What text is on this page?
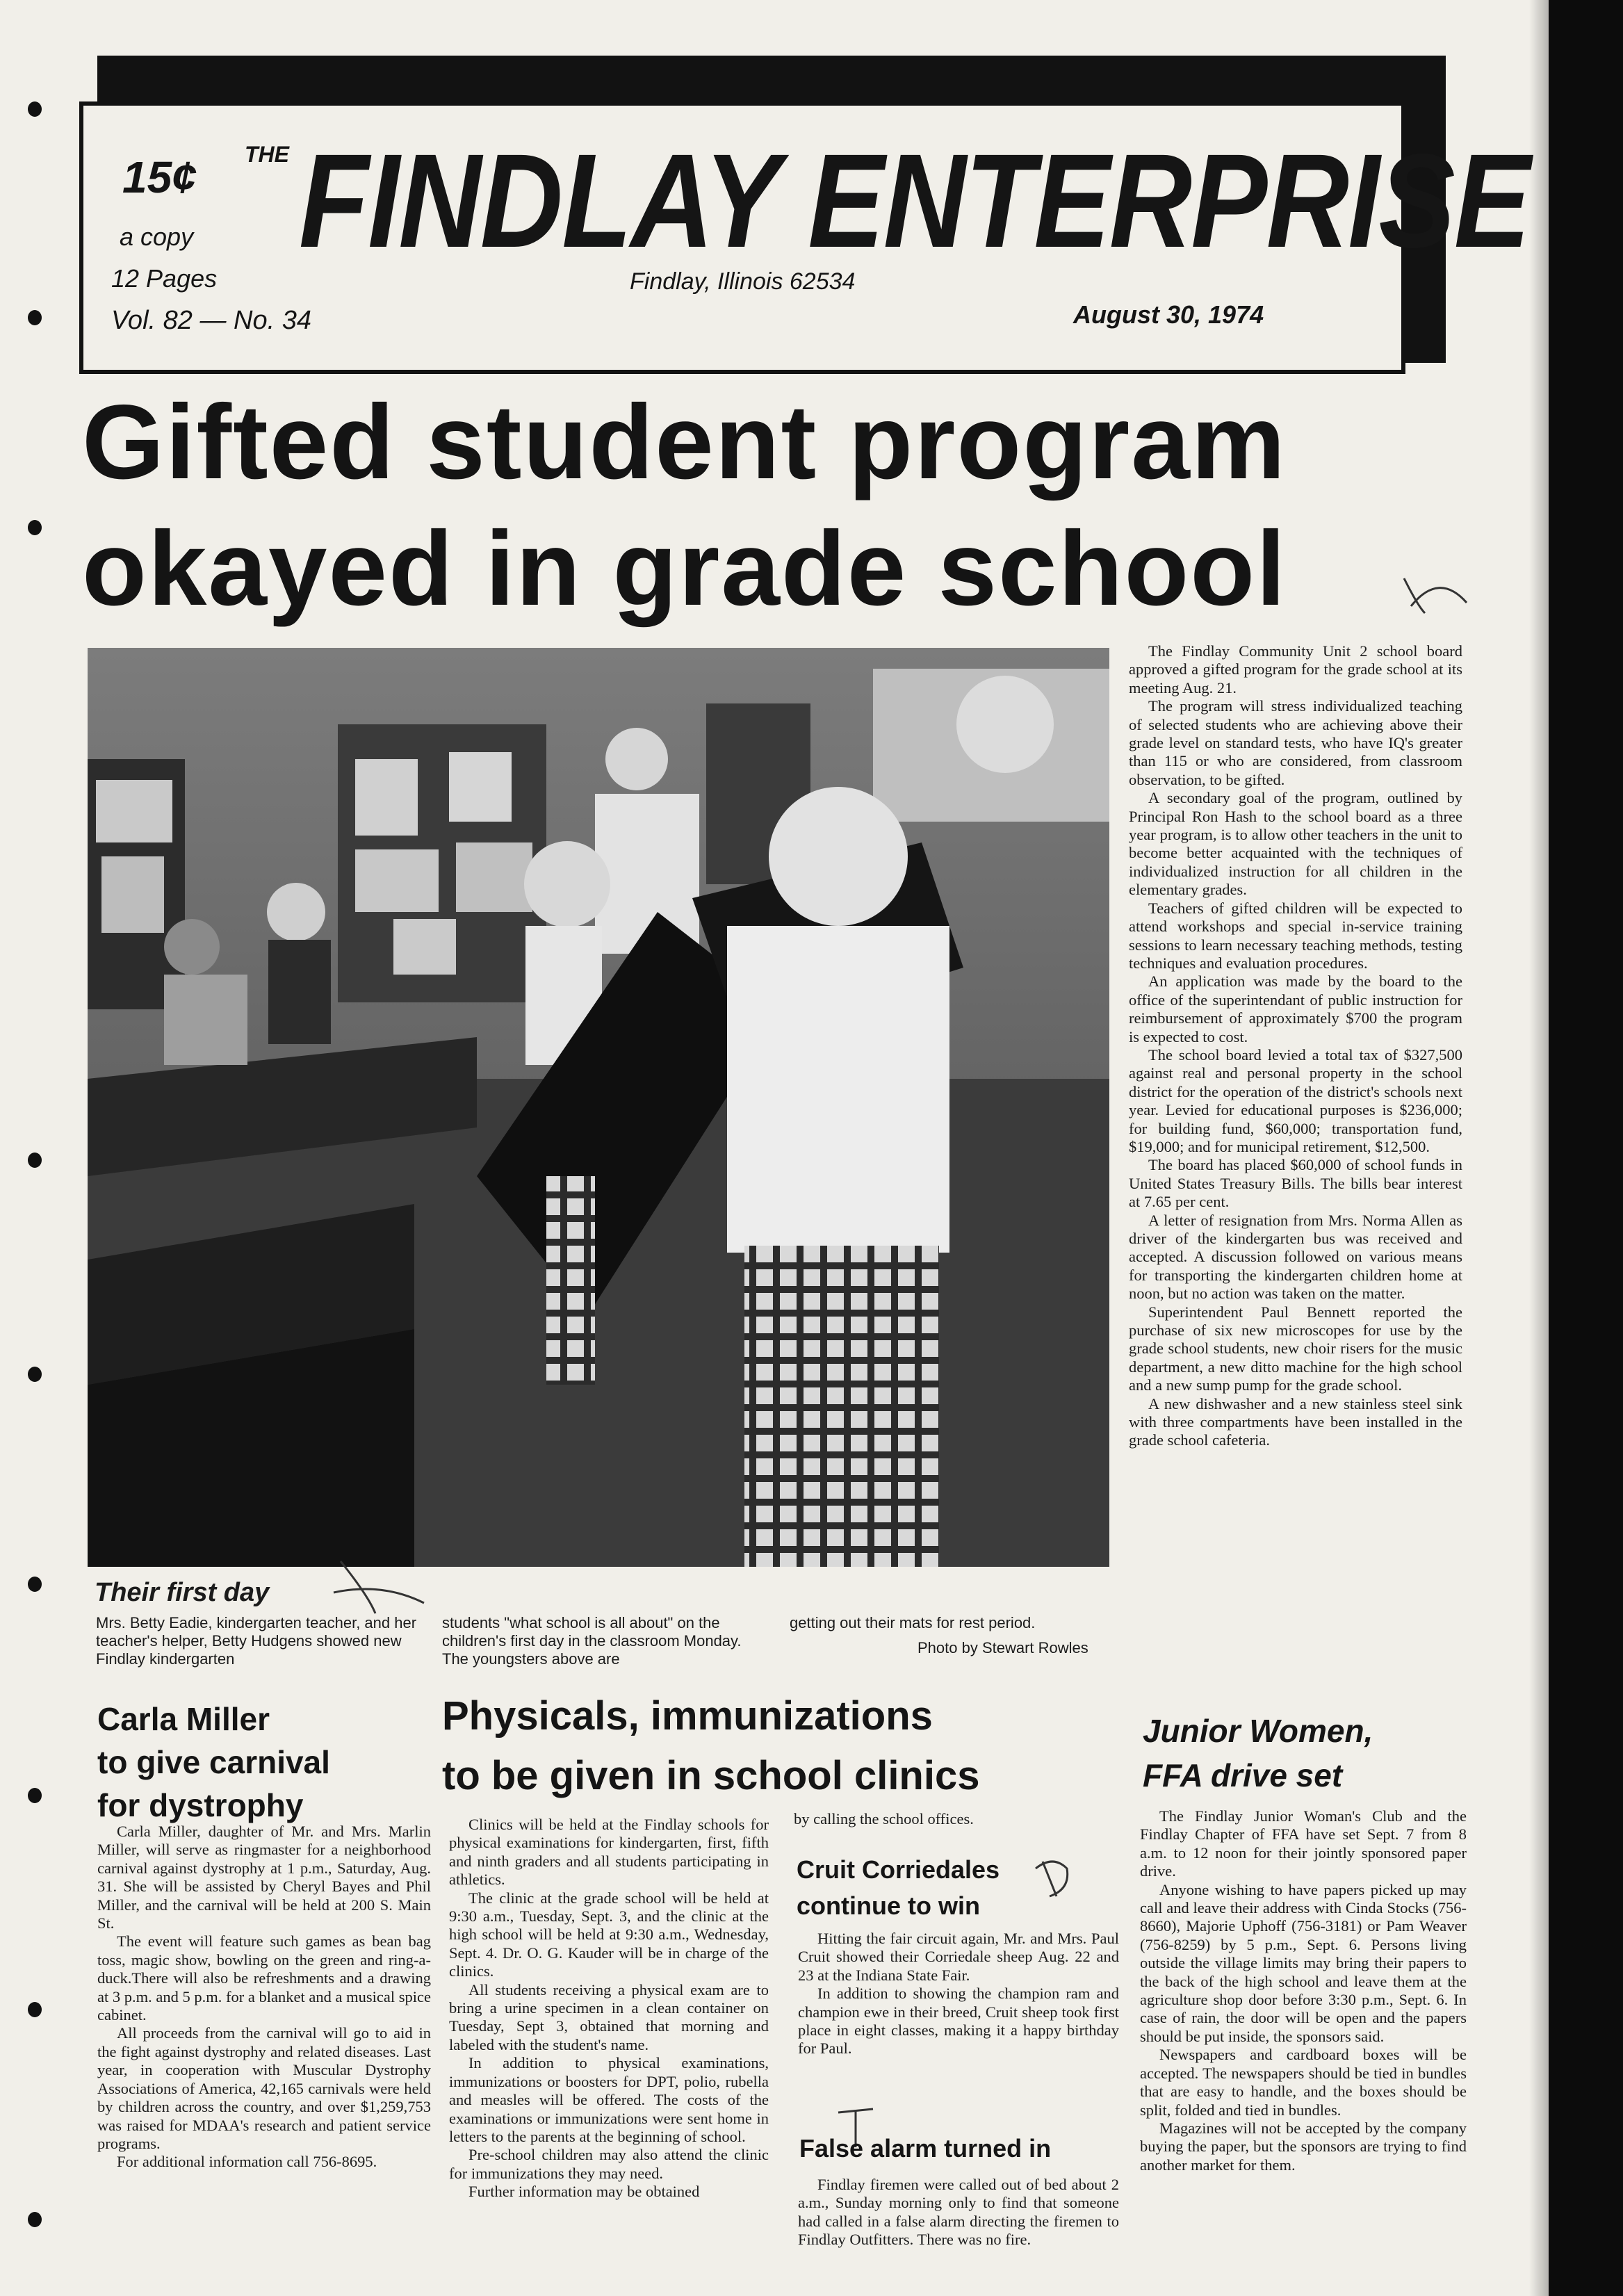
15¢ THE FINDLAY ENTERPRISE
a copy
12 Pages
Vol. 82 — No. 34
Findlay, Illinois 62534
August 30, 1974
Gifted student program
okayed in grade school
Their first day
Mrs. Betty Eadie, kindergarten teacher, and her teacher's helper, Betty Hudgens showed new Findlay kindergarten
students "what school is all about" on the children's first day in the classroom Monday. The youngsters above are
getting out their mats for rest period.
Photo by Stewart Rowles

The Findlay Community Unit 2 school board approved a gifted program for the grade school at its meeting Aug. 21.

The program will stress individualized teaching of selected students who are achieving above their grade level on standard tests, who have IQ's greater than 115 or who are considered, from classroom observation, to be gifted.

A secondary goal of the program, outlined by Principal Ron Hash to the school board as a three year program, is to allow other teachers in the unit to become better acquainted with the techniques of individualized instruction for all children in the elementary grades.

Teachers of gifted children will be expected to attend workshops and special in-service training sessions to learn necessary teaching methods, testing techniques and evaluation procedures.

An application was made by the board to the office of the superintendant of public instruction for reimbursement of approximately $700 the program is expected to cost.

The school board levied a total tax of $327,500 against real and personal property in the school district for the operation of the district's schools next year. Levied for educational purposes is $236,000; for building fund, $60,000; transportation fund, $19,000; and for municipal retirement, $12,500.

The board has placed $60,000 of school funds in United States Treasury Bills. The bills bear interest at 7.65 per cent.

A letter of resignation from Mrs. Norma Allen as driver of the kindergarten bus was received and accepted. A discussion followed on various means for transporting the kindergarten children home at noon, but no action was taken on the matter.

Superintendent Paul Bennett reported the purchase of six new microscopes for use by the grade school students, new choir risers for the music department, a new ditto machine for the high school and a new sump pump for the grade school.

A new dishwasher and a new stainless steel sink with three compartments have been installed in the grade school cafeteria.

Carla Miller
to give carnival
for dystrophy

Carla Miller, daughter of Mr. and Mrs. Marlin Miller, will serve as ringmaster for a neighborhood carnival against dystrophy at 1 p.m., Saturday, Aug. 31. She will be assisted by Cheryl Bayes and Phil Miller, and the carnival will be held at 200 S. Main St.

The event will feature such games as bean bag toss, magic show, bowling on the green and ring-a-duck.There will also be refreshments and a drawing at 3 p.m. and 5 p.m. for a blanket and a musical spice cabinet.

All proceeds from the carnival will go to aid in the fight against dystrophy and related diseases. Last year, in cooperation with Muscular Dystrophy Associations of America, 42,165 carnivals were held by children across the country, and over $1,259,753 was raised for MDAA's research and patient service programs.

For additional information call 756-8695.

Physicals, immunizations
to be given in school clinics

Clinics will be held at the Findlay schools for physical examinations for kindergarten, first, fifth and ninth graders and all students participating in athletics.

The clinic at the grade school will be held at 9:30 a.m., Tuesday, Sept. 3, and the clinic at the high school will be held at 9:30 a.m., Wednesday, Sept. 4. Dr. O. G. Kauder will be in charge of the clinics.

All students receiving a physical exam are to bring a urine specimen in a clean container on Tuesday, Sept 3, obtained that morning and labeled with the student's name.

In addition to physical examinations, immunizations or boosters for DPT, polio, rubella and measles will be offered. The costs of the examinations or immunizations were sent home in letters to the parents at the beginning of school.

Pre-school children may also attend the clinic for immunizations they may need.

Further information may be obtained

by calling the school offices.
Cruit Corriedales
continue to win

Hitting the fair circuit again, Mr. and Mrs. Paul Cruit showed their Corriedale sheep Aug. 22 and 23 at the Indiana State Fair.

In addition to showing the champion ram and champion ewe in their breed, Cruit sheep took first place in eight classes, making it a happy birthday for Paul.

False alarm turned in

Findlay firemen were called out of bed about 2 a.m., Sunday morning only to find that someone had called in a false alarm directing the firemen to Findlay Outfitters. There was no fire.

Junior Women,
FFA drive set

The Findlay Junior Woman's Club and the Findlay Chapter of FFA have set Sept. 7 from 8 a.m. to 12 noon for their jointly sponsored paper drive.

Anyone wishing to have papers picked up may call and leave their address with Cinda Stocks (756-8660), Majorie Uphoff (756-3181) or Pam Weaver (756-8259) by 5 p.m., Sept. 6. Persons living outside the village limits may bring their papers to the back of the high school and leave them at the agriculture shop door before 3:30 p.m., Sept. 6. In case of rain, the door will be open and the papers should be put inside, the sponsors said.

Newspapers and cardboard boxes will be accepted. The newspapers should be tied in bundles that are easy to handle, and the boxes should be split, folded and tied in bundles.

Magazines will not be accepted by the company buying the paper, but the sponsors are trying to find another market for them.
